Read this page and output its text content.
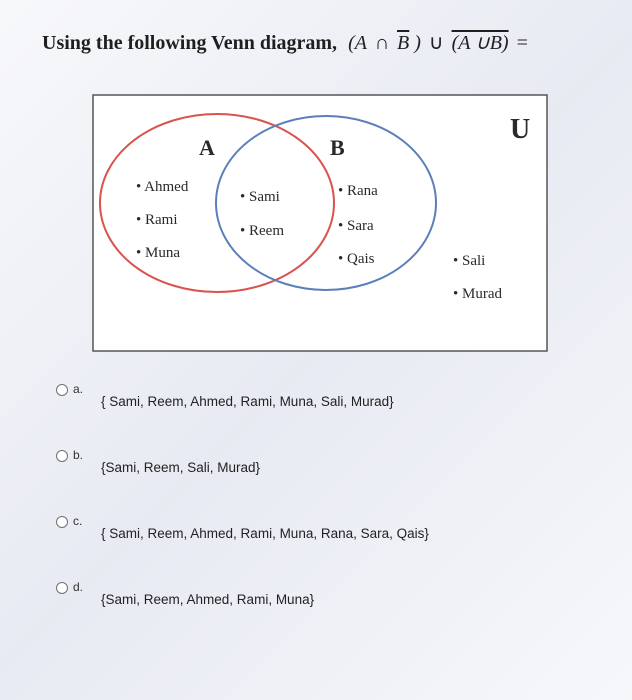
Using the following Venn diagram, (A ∩ $\overline{B}$ ) ∪ (A ∪B) =
U
A	B
• Ahmed
• Rami
• Muna
• Sami
• Reem
• Rana
• Sara
• Qais	• Sali
• Murad
a.
{ Sami, Reem, Ahmed, Rami, Muna, Sali, Murad}
b.
{Sami, Reem, Sali, Murad}
c.
{ Sami, Reem, Ahmed, Rami, Muna, Rana, Sara, Qais}
d.
{Sami, Reem, Ahmed, Rami, Muna}
